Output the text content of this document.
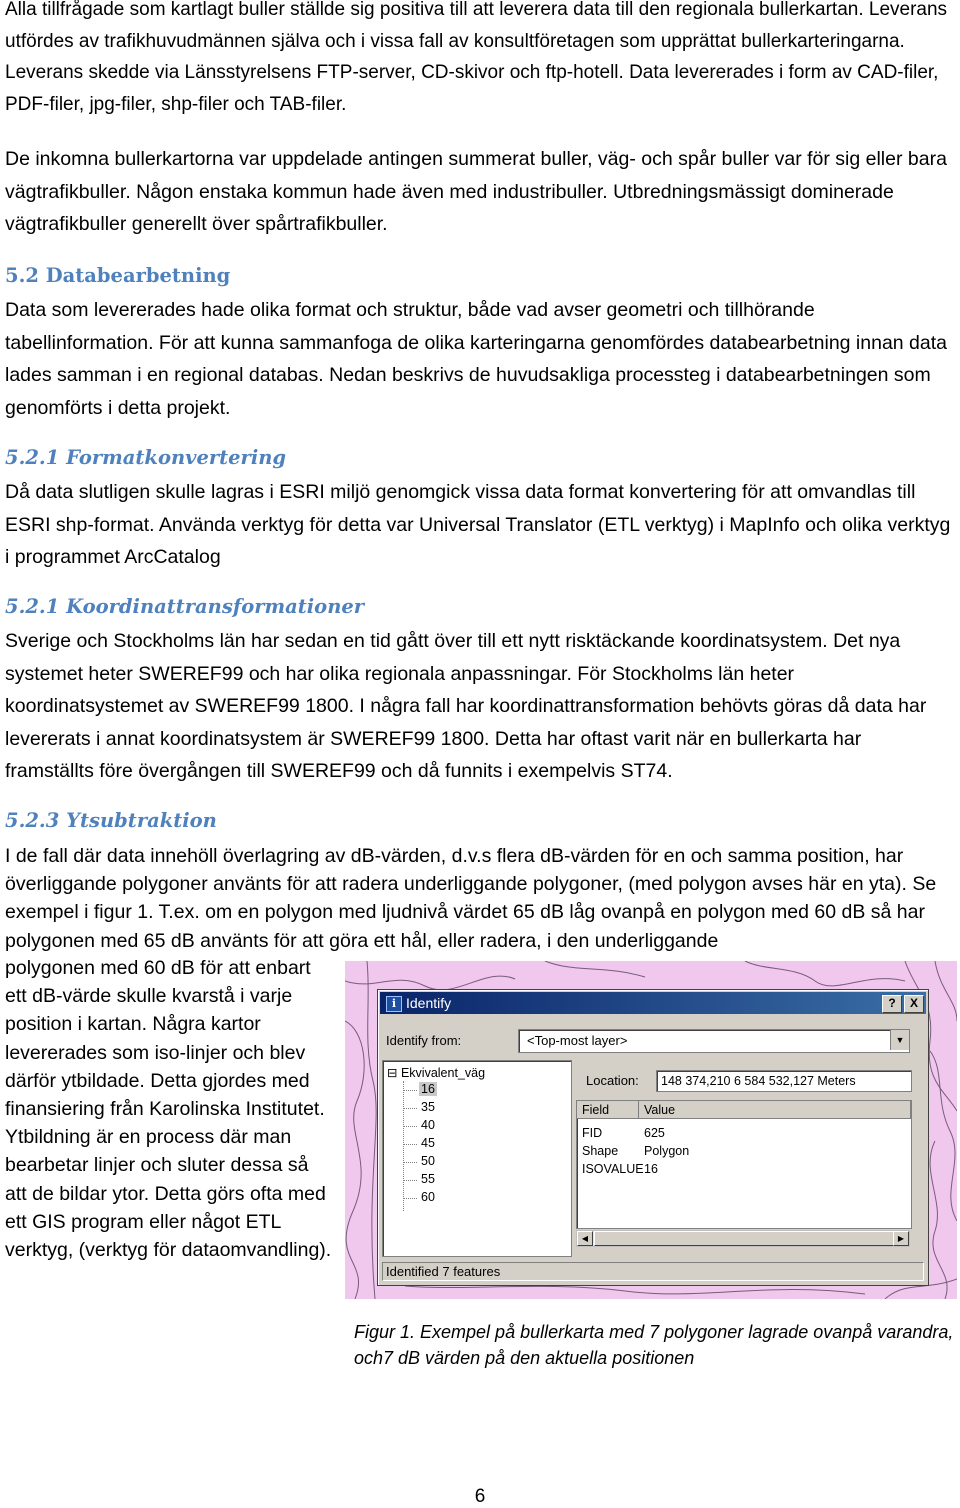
Alla tillfrågade som kartlagt buller ställde sig positiva till att leverera data till den regionala bullerkartan. Leverans utfördes av trafikhuvudmännen själva och i vissa fall av konsultföretagen som upprättat bullerkarteringarna. Leverans skedde via Länsstyrelsens FTP-server, CD-skivor och ftp-hotell. Data levererades i form av CAD-filer, PDF-filer, jpg-filer, shp-filer och TAB-filer.

De inkomna bullerkartorna var uppdelade antingen summerat buller, väg- och spår buller var för sig eller bara vägtrafikbuller. Någon enstaka kommun hade även med industribuller. Utbredningsmässigt dominerade vägtrafikbuller generellt över spårtrafikbuller.

5.2 Databearbetning

Data som levererades hade olika format och struktur, både vad avser geometri och tillhörande tabellinformation. För att kunna sammanfoga de olika karteringarna genomfördes databearbetning innan data lades samman i en regional databas. Nedan beskrivs de huvudsakliga processteg i databearbetningen som genomförts i detta projekt.

5.2.1 Formatkonvertering

Då data slutligen skulle lagras i ESRI miljö genomgick vissa data format konvertering för att omvandlas till ESRI shp-format. Använda verktyg för detta var Universal Translator (ETL verktyg) i MapInfo och olika verktyg i programmet ArcCatalog

5.2.1 Koordinattransformationer

Sverige och Stockholms län har sedan en tid gått över till ett nytt risktäckande koordinatsystem. Det nya systemet heter SWEREF99 och har olika regionala anpassningar. För Stockholms län heter koordinatsystemet av SWEREF99 1800. I några fall har koordinattransformation behövts göras då data har levererats i annat koordinatsystem är SWEREF99 1800. Detta har oftast varit när en bullerkarta har framställts före övergången till SWEREF99 och då funnits i exempelvis ST74.

5.2.3 Ytsubtraktion

I de fall där data innehöll överlagring av dB-värden, d.v.s flera dB-värden för en och samma position, har överliggande polygoner använts för att radera underliggande polygoner, (med polygon avses här en yta). Se exempel i figur 1. T.ex. om en polygon med ljudnivå värdet 65 dB låg ovanpå en polygon med 60 dB så har polygonen med 65 dB använts för att göra ett hål, eller radera, i den underliggande

polygonen med 60 dB för att enbart ett dB-värde skulle kvarstå i varje position i kartan. Några kartor levererades som iso-linjer och blev därför ytbildade. Detta gjordes med finansiering från Karolinska Institutet. Ytbildning är en process där man bearbetar linjer och sluter dessa så att de bildar ytor. Detta görs ofta med ett GIS program eller något ETL verktyg, (verktyg för dataomvandling).

i Identify	?	X
Identify from:	<Top-most layer>	▼
⊟ Ekvivalent_väg
16
35
40
45
50
55
60
Location:	148 374,210 6 584 532,127 Meters
Field	Value
FID	625
Shape Polygon
ISOVALUE 16
◀	▶
Identified 7 features

Figur 1. Exempel på bullerkarta med 7 polygoner lagrade ovanpå varandra, och7 dB värden på den aktuella positionen

6
